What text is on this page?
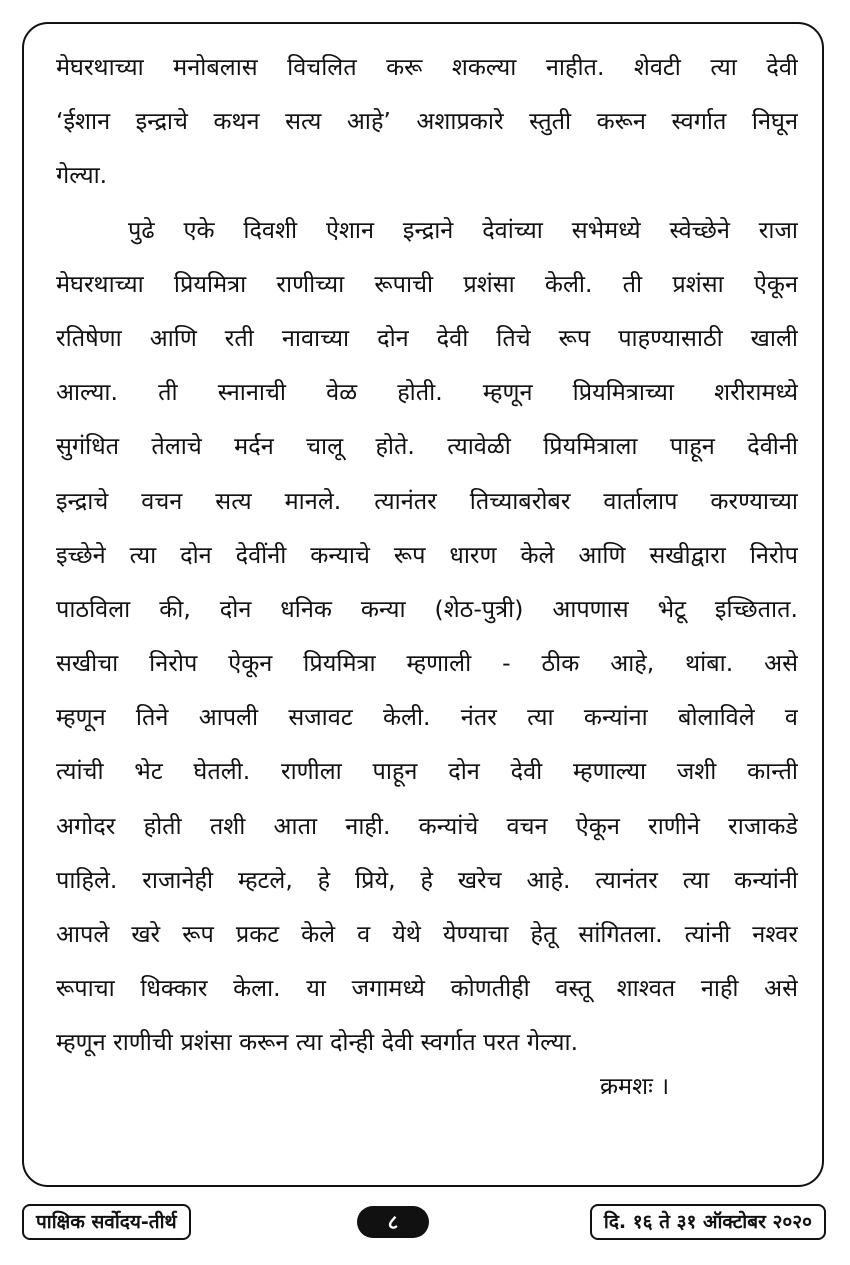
मेघरथाच्या मनोबलास विचलित करू शकल्या नाहीत. शेवटी त्या देवी
‘ईशान इन्द्राचे कथन सत्य आहे’ अशाप्रकारे स्तुती करून स्वर्गात निघून
गेल्या.
पुढे एके दिवशी ऐशान इन्द्राने देवांच्या सभेमध्ये स्वेच्छेने राजा
मेघरथाच्या प्रियमित्रा राणीच्या रूपाची प्रशंसा केली. ती प्रशंसा ऐकून
रतिषेणा आणि रती नावाच्या दोन देवी तिचे रूप पाहण्यासाठी खाली
आल्या. ती स्नानाची वेळ होती. म्हणून प्रियमित्राच्या शरीरामध्ये
सुगंधित तेलाचे मर्दन चालू होते. त्यावेळी प्रियमित्राला पाहून देवीनी
इन्द्राचे वचन सत्य मानले. त्यानंतर तिच्याबरोबर वार्तालाप करण्याच्या
इच्छेने त्या दोन देवींनी कन्याचे रूप धारण केले आणि सखीद्वारा निरोप
पाठविला की, दोन धनिक कन्या (शेठ-पुत्री) आपणास भेटू इच्छितात.
सखीचा निरोप ऐकून प्रियमित्रा म्हणाली - ठीक आहे, थांबा. असे
म्हणून तिने आपली सजावट केली. नंतर त्या कन्यांना बोलाविले व
त्यांची भेट घेतली. राणीला पाहून दोन देवी म्हणाल्या जशी कान्ती
अगोदर होती तशी आता नाही. कन्यांचे वचन ऐकून राणीने राजाकडे
पाहिले. राजानेही म्हटले, हे प्रिये, हे खरेच आहे. त्यानंतर त्या कन्यांनी
आपले खरे रूप प्रकट केले व येथे येण्याचा हेतू सांगितला. त्यांनी नश्वर
रूपाचा धिक्कार केला. या जगामध्ये कोणतीही वस्तू शाश्वत नाही असे
म्हणून राणीची प्रशंसा करून त्या दोन्ही देवी स्वर्गात परत गेल्या.
क्रमशः ।
पाक्षिक सर्वोदय-तीर्थ	८	दि. १६ ते ३१ ऑक्टोबर २०२०
